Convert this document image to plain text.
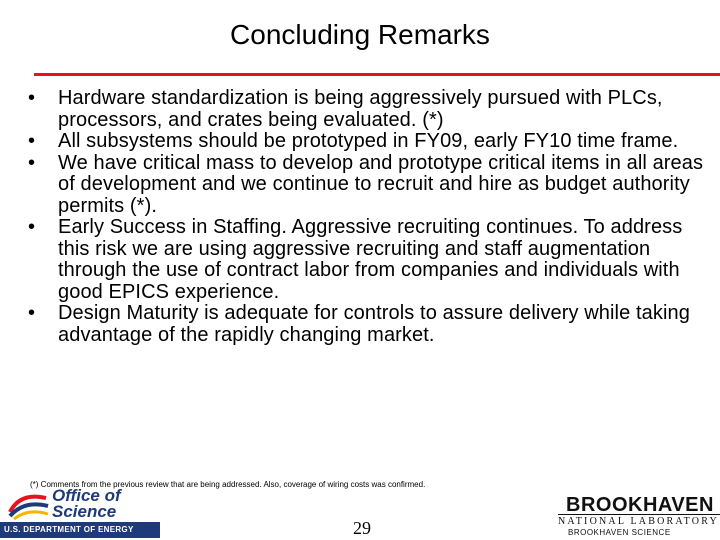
Concluding Remarks
• Hardware standardization is being aggressively pursued with PLCs, processors, and crates being evaluated. (*)
• All subsystems should be prototyped in FY09, early FY10 time frame.
• We have critical mass to develop and prototype critical items in all areas of development and we continue to recruit and hire as budget authority permits (*).
• Early Success in Staffing. Aggressive recruiting continues. To address this risk we are using aggressive recruiting and staff augmentation through the use of contract labor from companies and individuals with good EPICS experience.
• Design Maturity is adequate for controls to assure delivery while taking advantage of the rapidly changing market.
(*) Comments from the previous review that are being addressed. Also, coverage of wiring costs was confirmed.
Office of
Science
U.S. DEPARTMENT OF ENERGY	29
BROOKHAVEN
NATIONAL LABORATORY
BROOKHAVEN SCIENCE
